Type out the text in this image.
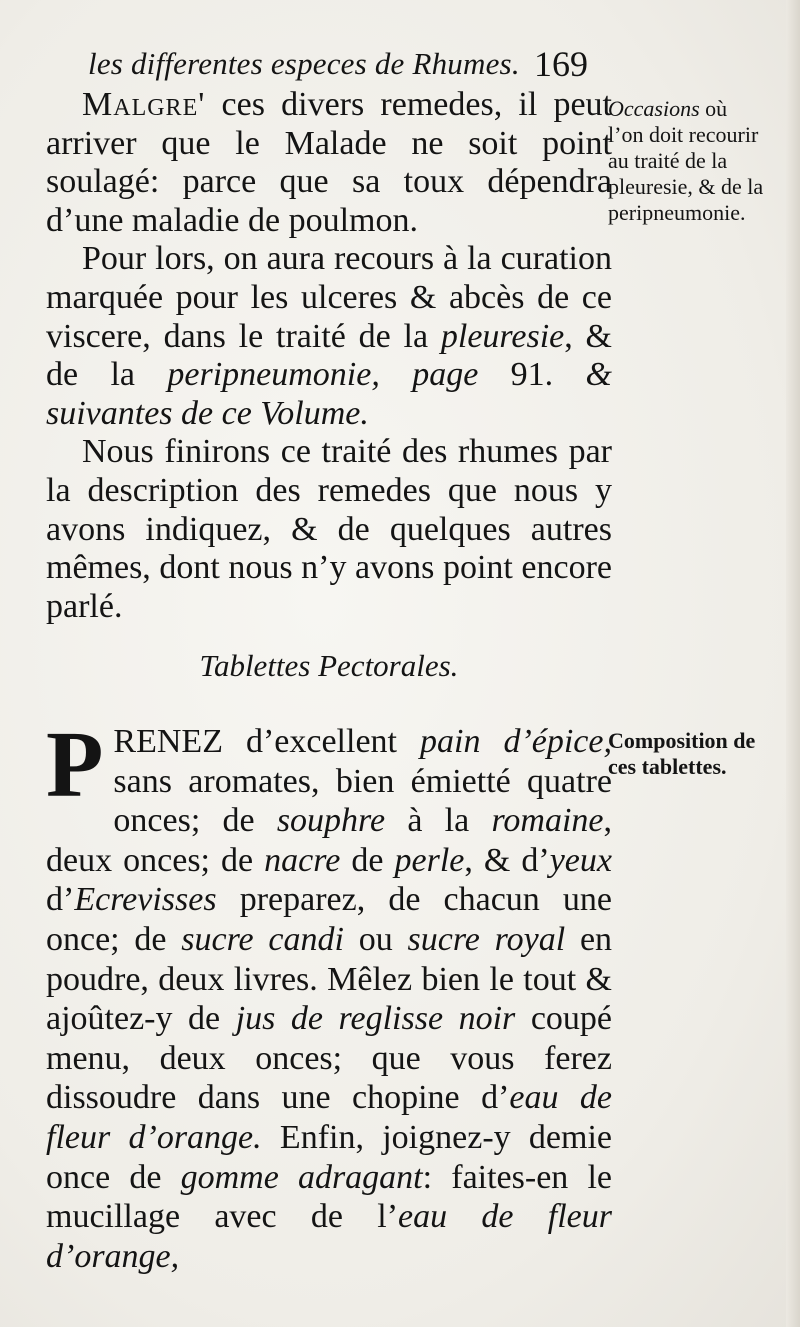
les differentes especes de Rhumes. 169

Malgre' ces divers remedes, il peut arriver que le Malade ne soit point soulagé: parce que sa toux dépendra d’une maladie de poulmon.

Pour lors, on aura recours à la curation marquée pour les ulceres & abcès de ce viscere, dans le traité de la pleuresie, & de la peripneumonie, page 91. & suivantes de ce Volume.

Nous finirons ce traité des rhumes par la description des remedes que nous y avons indiquez, & de quelques autres mêmes, dont nous n’y avons point encore parlé.

Tablettes Pectorales.

PRENEZ d’excellent pain d’épice, sans aromates, bien émietté quatre onces; de souphre à la romaine, deux onces; de nacre de perle, & d’yeux d’Ecrevisses preparez, de chacun une once; de sucre candi ou sucre royal en poudre, deux livres. Mêlez bien le tout & ajoûtez-y de jus de reglisse noir coupé menu, deux onces; que vous ferez dissoudre dans une chopine d’eau de fleur d’orange. Enfin, joignez-y demie once de gomme adragant: faites-en le mucillage avec de l’eau de fleur d’orange,

Occasions où l’on doit recourir au traité de la pleuresie, & de la peripneumonie.
Composition de ces tablettes.
